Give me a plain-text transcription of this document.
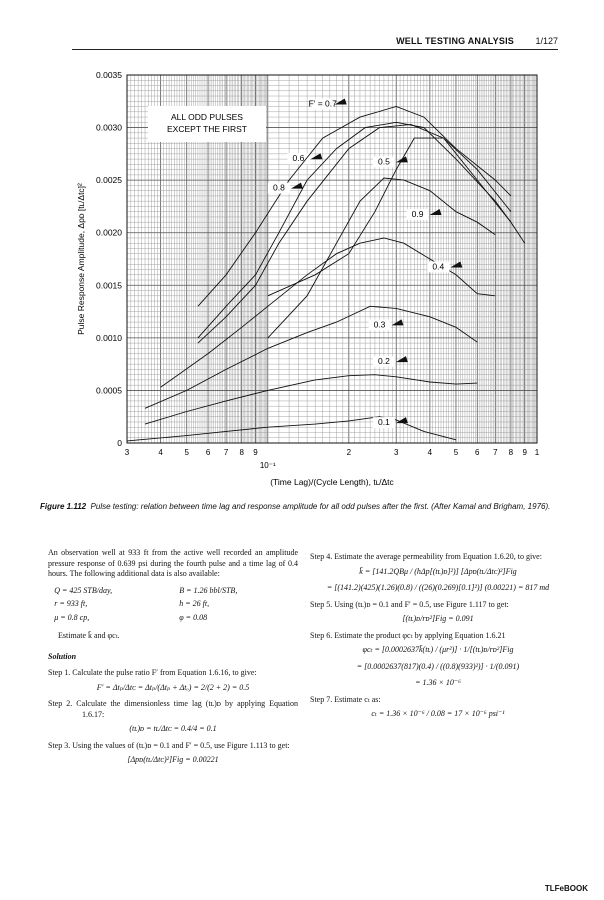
WELL TESTING ANALYSIS 1/127
0.1
0.2
0.3
0.4
0.5
0.6
F′ = 0.7
0.8
0.9
ALL ODD PULSES
EXCEPT THE FIRST
0
0.0005
0.0010
0.0015
0.0020
0.0025
0.0030
0.0035
3	4	5 6 7 8 9
10⁻¹
2	3	4	5 6 7 8 9 1
Pulse Response Amplitude, Δpᴅ [tʟ/Δtᴄ]²
(Time Lag)/(Cycle Length), tʟ/Δtᴄ
Figure 1.112 Pulse testing: relation between time lag and response amplitude for all odd pulses after the first. (After Kamal and Brigham, 1976).
An observation well at 933 ft from the active well recorded an amplitude pressure response of 0.639 psi during the fourth pulse and a time lag of 0.4 hours. The following additional data is also available:
Q = 425 STB/day,	B = 1.26 bbl/STB,
r = 933 ft,	h = 26 ft,
μ = 0.8 cp,	φ = 0.08
Estimate k̄ and φcₜ.
Solution
Step 1. Calculate the pulse ratio F′ from Equation 1.6.16, to give:
F′ = Δtₚ/Δtᴄ = Δtₚ/(Δtₚ + Δtₒ) = 2/(2 + 2) = 0.5
Step 2. Calculate the dimensionless time lag (tʟ)ᴅ by applying Equation 1.6.17:
(tʟ)ᴅ = tʟ/Δtᴄ = 0.4/4 = 0.1
Step 3. Using the values of (tʟ)ᴅ = 0.1 and F′ = 0.5, use Figure 1.113 to get:
[Δpᴅ(tʟ/Δtᴄ)²]Fig = 0.00221
Step 4. Estimate the average permeability from Equation 1.6.20, to give:
k̄ = [141.2QBμ / (hΔp[(tʟ)ᴅ]²)] [Δpᴅ(tʟ/Δtᴄ)²]Fig
= [(141.2)(425)(1.26)(0.8) / ((26)(0.269)[0.1]²)] (0.00221) = 817 md
Step 5. Using (tʟ)ᴅ = 0.1 and F′ = 0.5, use Figure 1.117 to get:
[(tʟ)ᴅ/rᴅ²]Fig = 0.091
Step 6. Estimate the product φcₜ by applying Equation 1.6.21
φcₜ = [0.0002637k̄(tʟ) / (μr²)] · 1/[(tʟ)ᴅ/rᴅ²]Fig
= [0.0002637(817)(0.4) / ((0.8)(933)²)] · 1/(0.091)
= 1.36 × 10⁻⁶
Step 7. Estimate cₜ as:
cₜ = 1.36 × 10⁻⁶ / 0.08 = 17 × 10⁻⁶ psi⁻¹
TLFeBOOK
